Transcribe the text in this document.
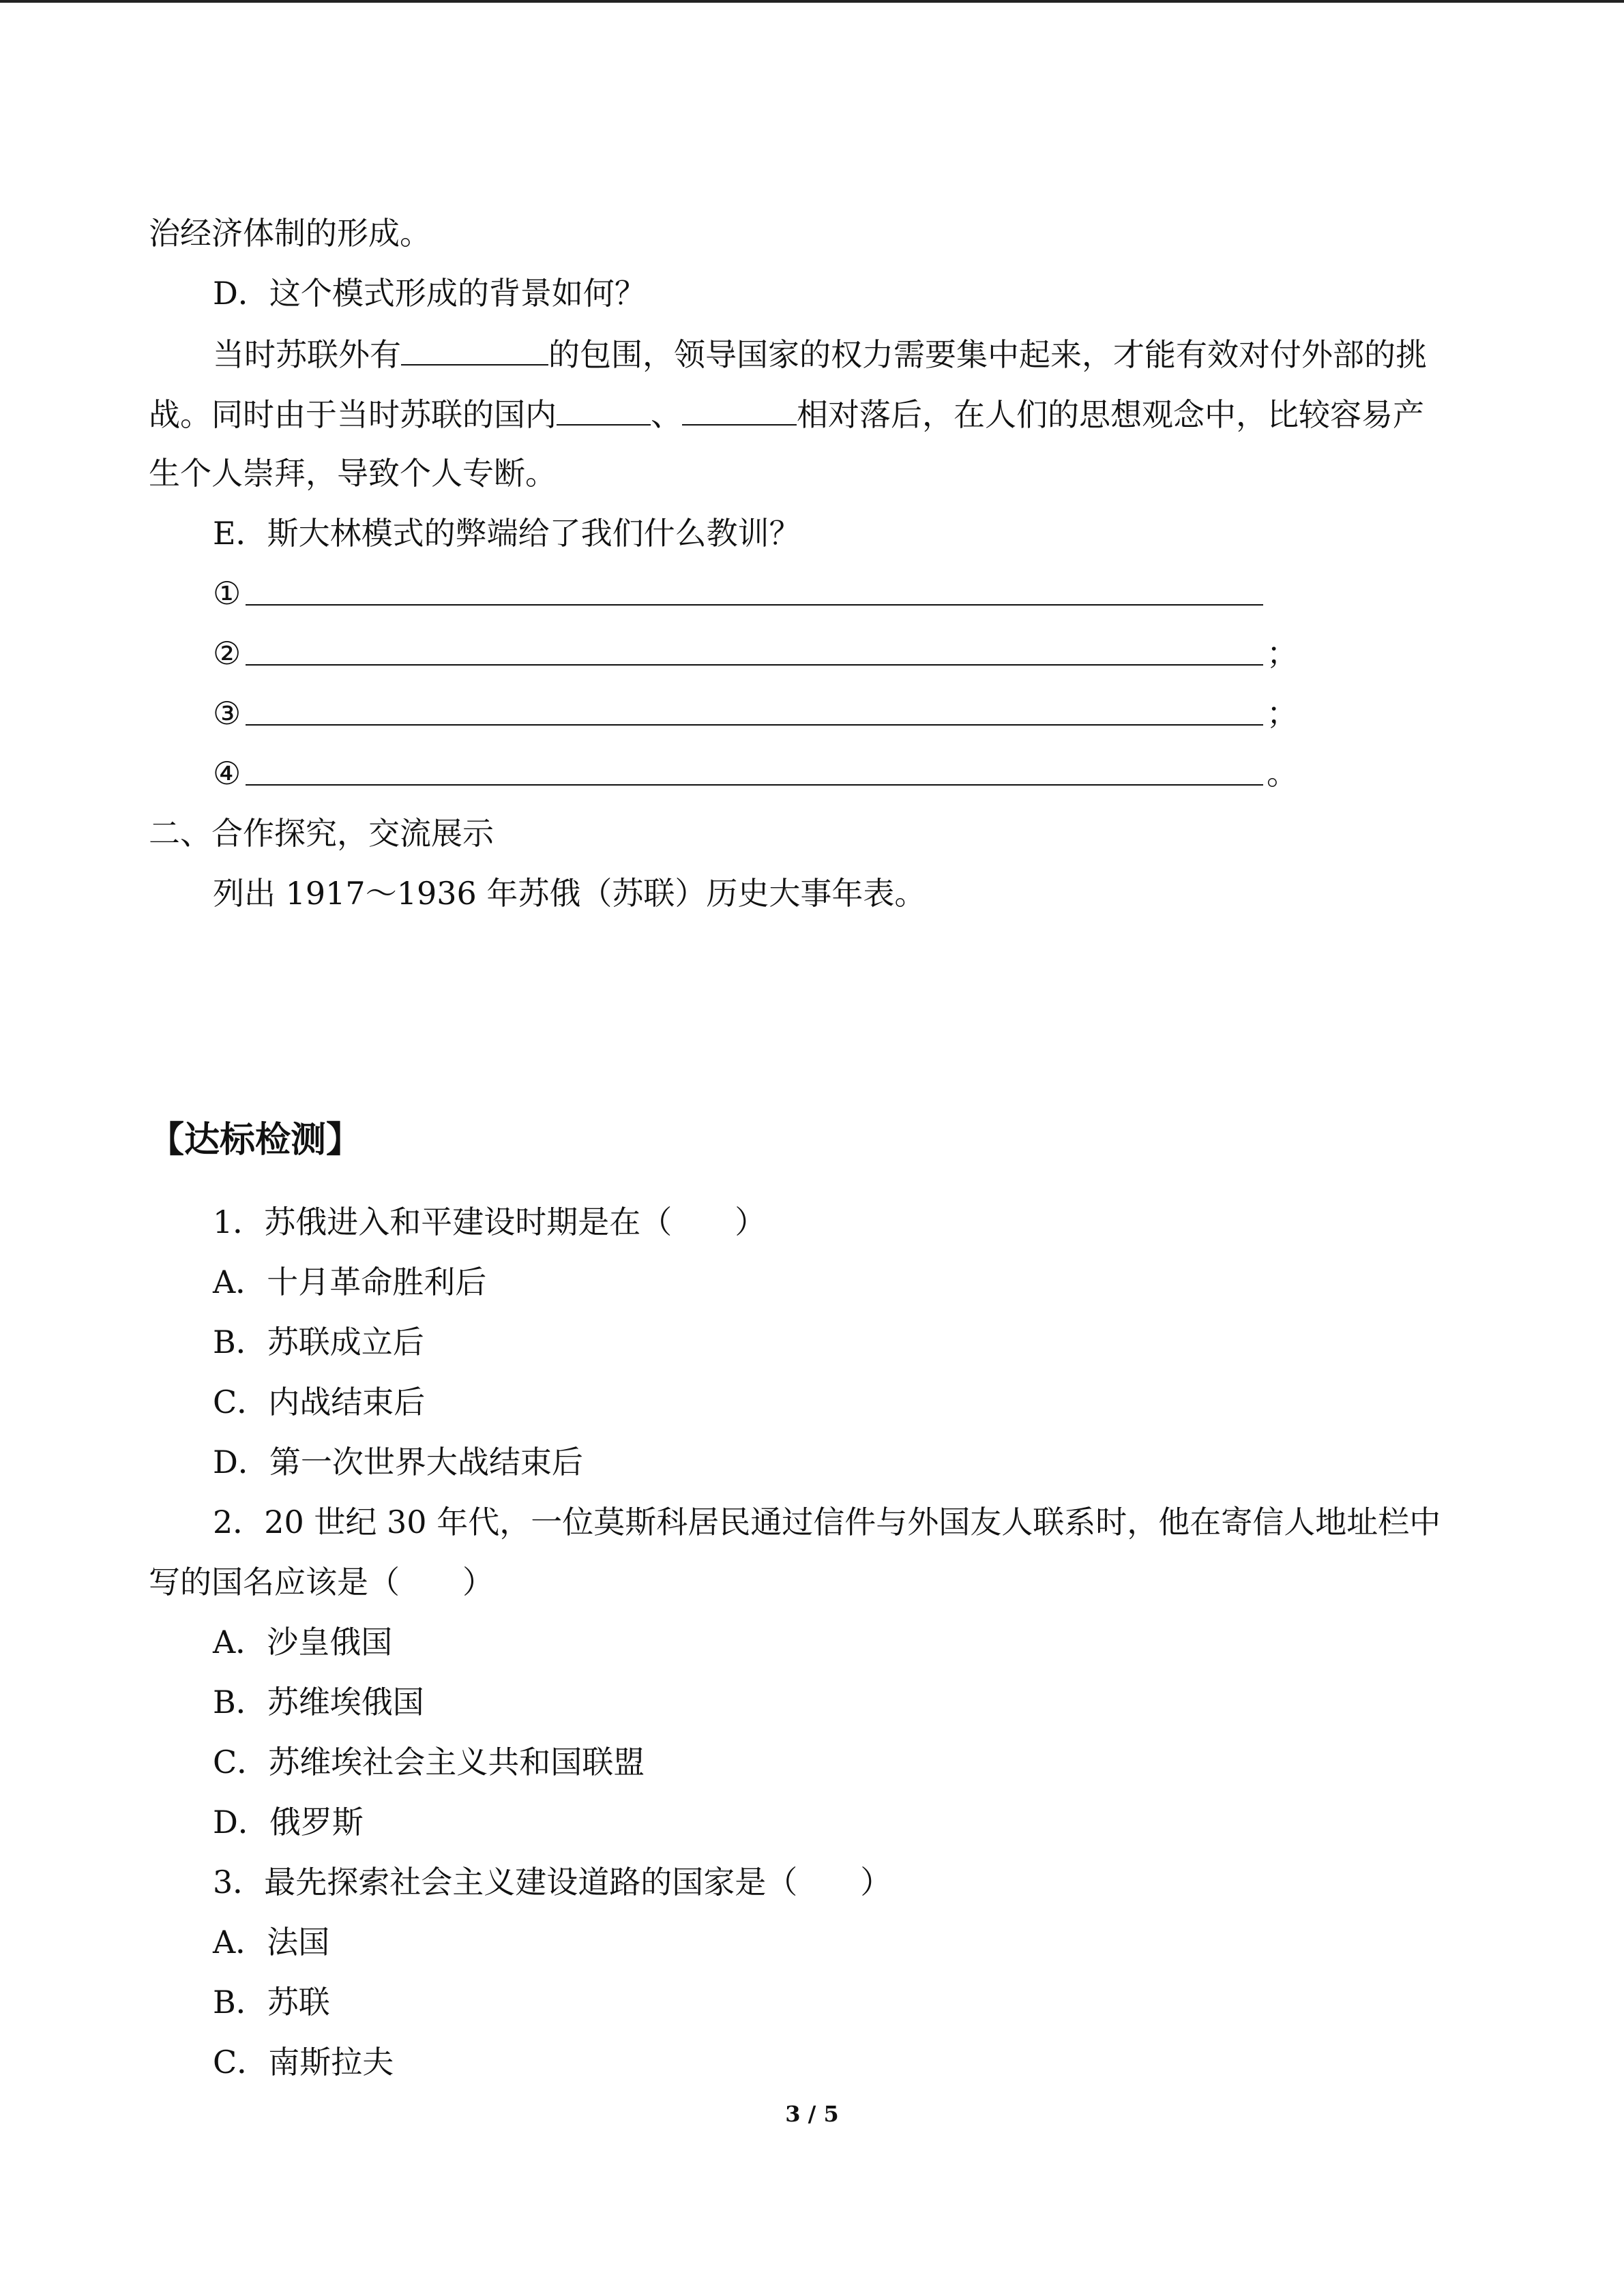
治经济体制的形成。
D．这个模式形成的背景如何？
当时苏联外有	的包围，领导国家的权力需要集中起来，才能有效对付外部的挑
战。同时由于当时苏联的国内	、	相对落后，在人们的思想观念中，比较容易产
生个人崇拜，导致个人专断。
E．斯大林模式的弊端给了我们什么教训？
①
②	；
③	；
④	。
二、合作探究，交流展示
列出 1917～1936 年苏俄（苏联）历史大事年表。
【达标检测】
1．苏俄进入和平建设时期是在（　　）
A．十月革命胜利后
B．苏联成立后
C．内战结束后
D．第一次世界大战结束后
2．20 世纪 30 年代，一位莫斯科居民通过信件与外国友人联系时，他在寄信人地址栏中
写的国名应该是（　　）
A．沙皇俄国
B．苏维埃俄国
C．苏维埃社会主义共和国联盟
D．俄罗斯
3．最先探索社会主义建设道路的国家是（　　）
A．法国
B．苏联
C．南斯拉夫
3 / 5
